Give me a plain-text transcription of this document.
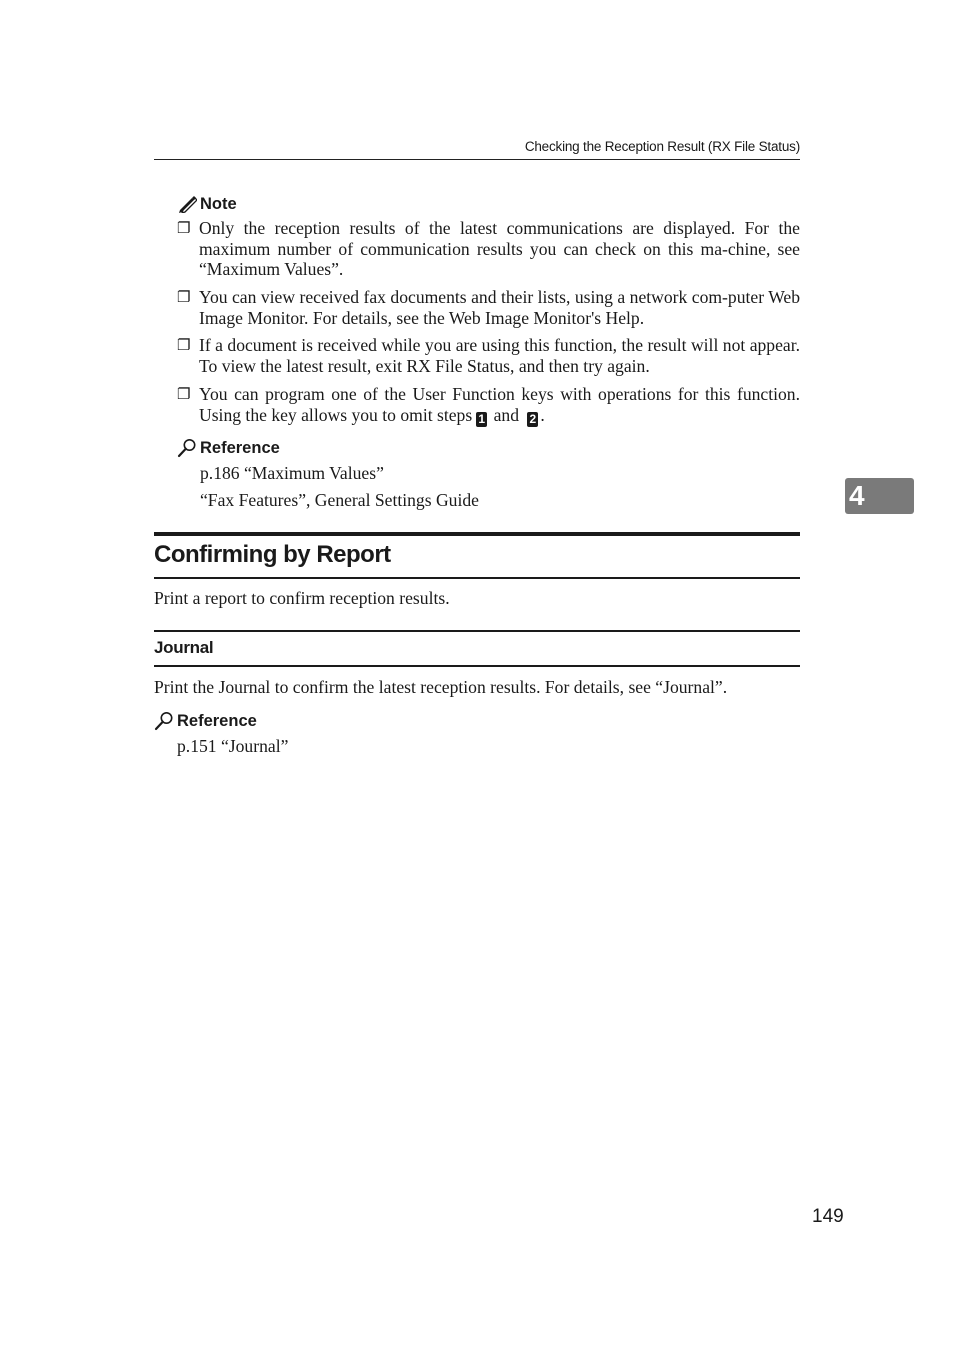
Checking the Reception Result (RX File Status)
Note
❐ Only the reception results of the latest communications are displayed. For the maximum number of communication results you can check on this ma-chine, see “Maximum Values”.
❐ You can view received fax documents and their lists, using a network com-puter Web Image Monitor. For details, see the Web Image Monitor's Help.
❐ If a document is received while you are using this function, the result will not appear. To view the latest result, exit RX File Status, and then try again.
❐ You can program one of the User Function keys with operations for this function. Using the key allows you to omit steps 1 and 2 .
Reference
p.186 “Maximum Values”
“Fax Features”, General Settings Guide
Confirming by Report
Print a report to confirm reception results.
Journal
Print the Journal to confirm the latest reception results. For details, see “Journal”.
Reference
p.151 “Journal”
4
149
